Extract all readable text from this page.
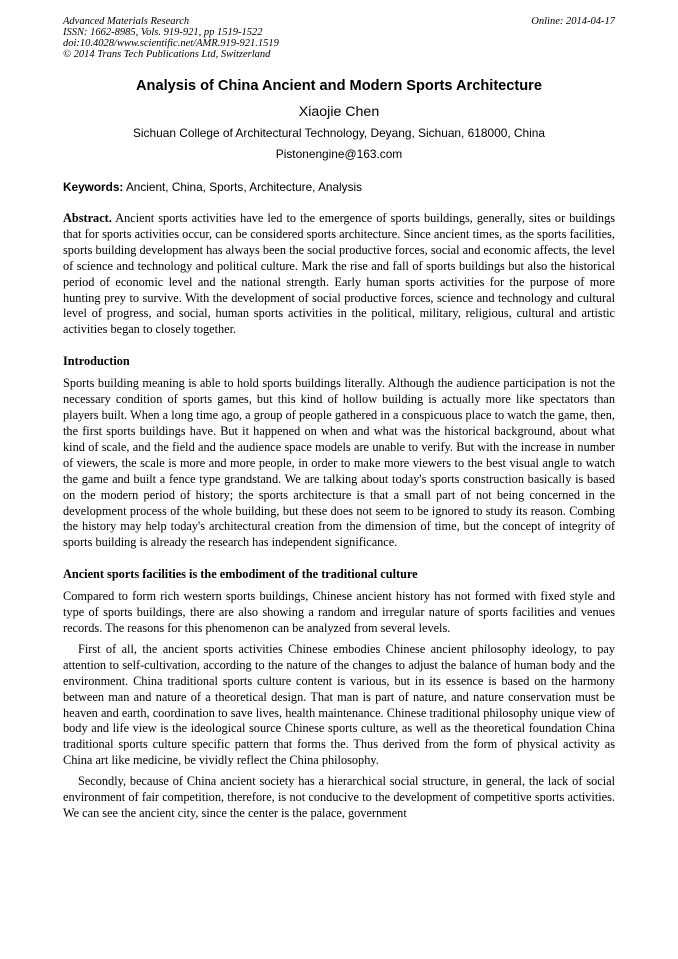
Advanced Materials Research
ISSN: 1662-8985, Vols. 919-921, pp 1519-1522
doi:10.4028/www.scientific.net/AMR.919-921.1519
© 2014 Trans Tech Publications Ltd, Switzerland
Online: 2014-04-17
Analysis of China Ancient and Modern Sports Architecture
Xiaojie Chen
Sichuan College of Architectural Technology, Deyang, Sichuan, 618000, China
Pistonengine@163.com
Keywords: Ancient, China, Sports, Architecture, Analysis

Abstract. Ancient sports activities have led to the emergence of sports buildings, generally, sites or buildings that for sports activities occur, can be considered sports architecture. Since ancient times, as the sports facilities, sports building development has always been the social productive forces, social and economic affects, the level of science and technology and political culture. Mark the rise and fall of sports buildings but also the historical period of economic level and the national strength. Early human sports activities for the purpose of more hunting prey to survive. With the development of social productive forces, science and technology and cultural level of progress, and social, human sports activities in the political, military, religious, cultural and artistic activities began to closely together.

Introduction

Sports building meaning is able to hold sports buildings literally. Although the audience participation is not the necessary condition of sports games, but this kind of hollow building is actually more like spectators than players built. When a long time ago, a group of people gathered in a conspicuous place to watch the game, then, the first sports buildings have. But it happened on when and what was the historical background, about what kind of scale, and the field and the audience space models are unable to verify. But with the increase in number of viewers, the scale is more and more people, in order to make more viewers to the best visual angle to watch the game and built a fence type grandstand. We are talking about today's sports construction basically is based on the modern period of history; the sports architecture is that a small part of not being concerned in the development process of the whole building, but these does not seem to be ignored to study its reason. Combing the history may help today's architectural creation from the dimension of time, but the concept of integrity of sports building is already the research has independent significance.

Ancient sports facilities is the embodiment of the traditional culture

Compared to form rich western sports buildings, Chinese ancient history has not formed with fixed style and type of sports buildings, there are also showing a random and irregular nature of sports facilities and venues records. The reasons for this phenomenon can be analyzed from several levels.

First of all, the ancient sports activities Chinese embodies Chinese ancient philosophy ideology, to pay attention to self-cultivation, according to the nature of the changes to adjust the balance of human body and the environment. China traditional sports culture content is various, but in its essence is based on the harmony between man and nature of a theoretical design. That man is part of nature, and nature conservation must be heaven and earth, coordination to save lives, health maintenance. Chinese traditional philosophy unique view of body and life view is the ideological source Chinese sports culture, as well as the theoretical foundation China traditional sports culture specific pattern that forms the. Thus derived from the form of physical activity as China art like medicine, be vividly reflect the China philosophy.

Secondly, because of China ancient society has a hierarchical social structure, in general, the lack of social environment of fair competition, therefore, is not conducive to the development of competitive sports activities. We can see the ancient city, since the center is the palace, government
